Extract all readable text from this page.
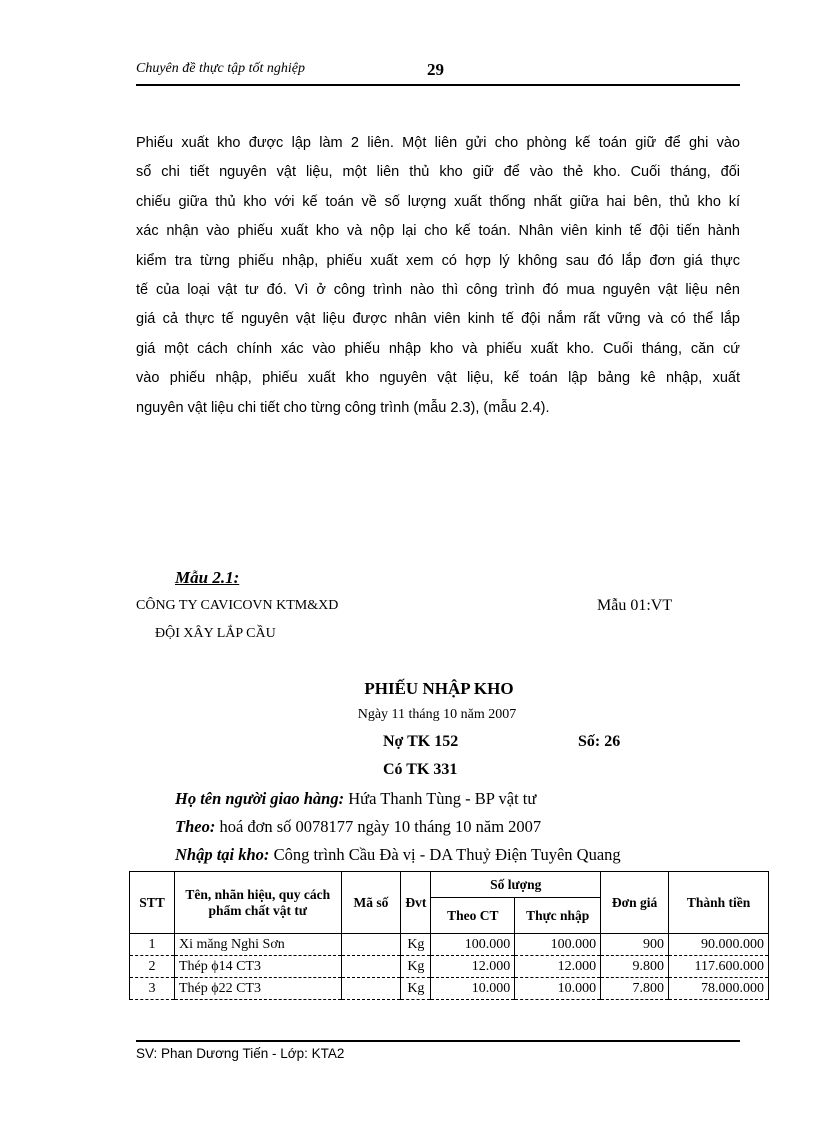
Chuyên đề thực tập tốt nghiệp	29
Phiếu xuất kho được lập làm 2 liên. Một liên gửi cho phòng kế toán giữ để ghi vào
sổ chi tiết nguyên vật liệu, một liên thủ kho giữ để vào thẻ kho. Cuối tháng, đối
chiếu giữa thủ kho với kế toán về số lượng xuất thống nhất giữa hai bên, thủ kho kí
xác nhận vào phiếu xuất kho và nộp lại cho kế toán. Nhân viên kinh tế đội tiến hành
kiểm tra từng phiếu nhập, phiếu xuất xem có hợp lý không sau đó lắp đơn giá thực
tế của loại vật tư đó. Vì ở công trình nào thì công trình đó mua nguyên vật liệu nên
giá cả thực tế nguyên vật liệu được nhân viên kinh tế đội nắm rất vững và có thể lắp
giá một cách chính xác vào phiếu nhập kho và phiếu xuất kho. Cuối tháng, căn cứ
vào phiếu nhập, phiếu xuất kho nguyên vật liệu, kế toán lập bảng kê nhập, xuất
nguyên vật liệu chi tiết cho từng công trình (mẫu 2.3), (mẫu 2.4).
Mẫu 2.1:
CÔNG TY CAVICOVN KTM&XD	Mẫu 01:VT
ĐỘI XÂY LẮP CẦU
PHIẾU NHẬP KHO
Ngày 11 tháng 10 năm 2007
Nợ TK 152	Số: 26
Có TK 331
Họ tên người giao hàng: Hứa Thanh Tùng - BP vật tư
Theo: hoá đơn số 0078177 ngày 10 tháng 10 năm 2007
Nhập tại kho: Công trình Cầu Đà vị - DA Thuỷ Điện Tuyên Quang
STT	Tên, nhãn hiệu, quy cách phẩm chất vật tư	Mã số	Đvt	Số lượng		Đơn giá	Thành tiền
				Theo CT	Thực nhập		
1	Xi măng Nghi Sơn		Kg	100.000	100.000	900	90.000.000
2	Thép ϕ14 CT3		Kg	12.000	12.000	9.800	117.600.000
3	Thép ϕ22 CT3		Kg	10.000	10.000	7.800	78.000.000
SV: Phan Dương Tiến - Lớp: KTA2
